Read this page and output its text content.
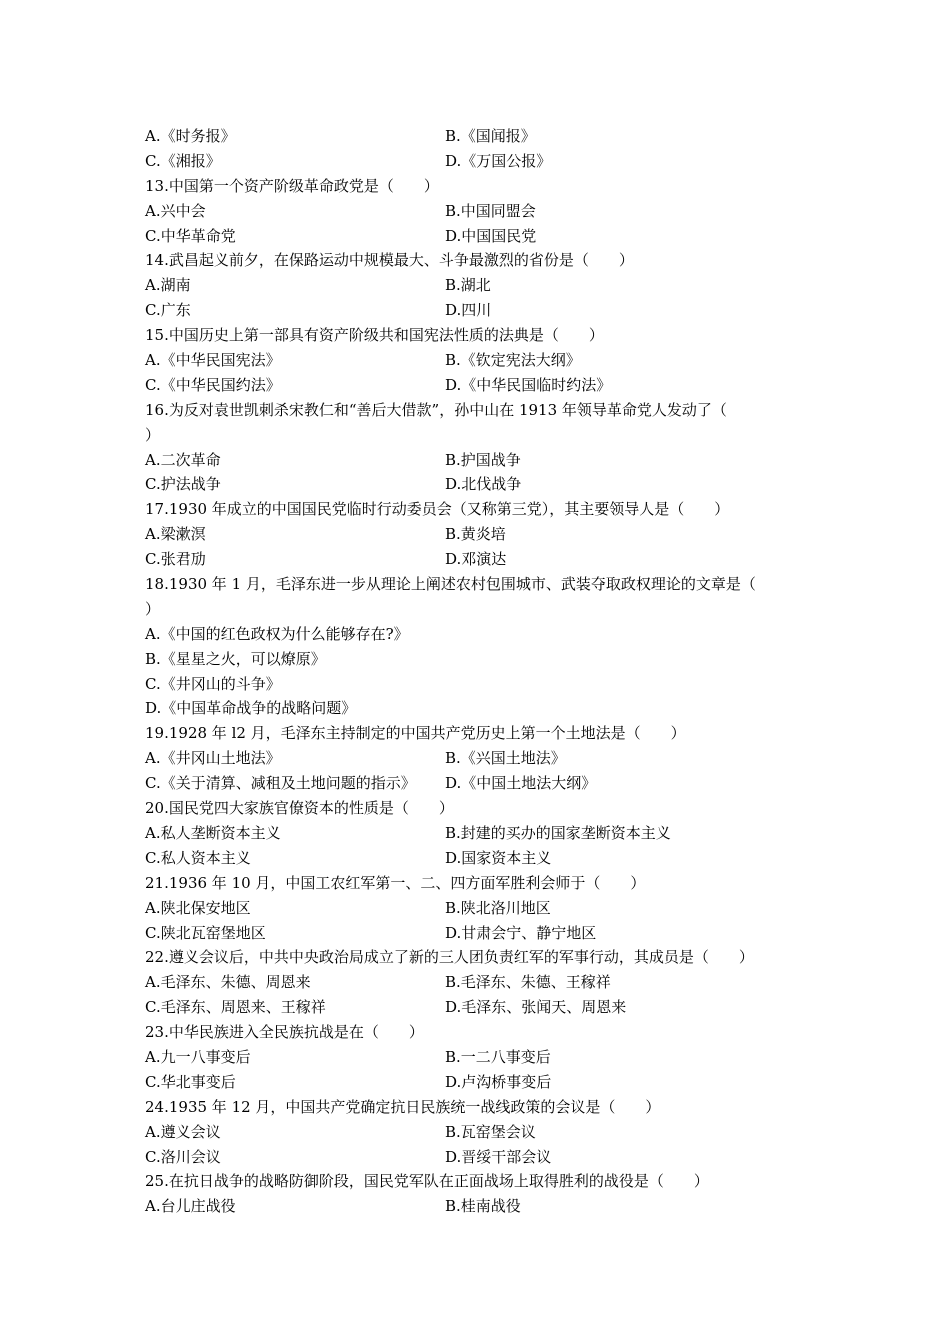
A.《时务报》	B.《国闻报》
C.《湘报》	D.《万国公报》
13.中国第一个资产阶级革命政党是（　　）
A.兴中会	B.中国同盟会
C.中华革命党	D.中国国民党
14.武昌起义前夕，在保路运动中规模最大、斗争最激烈的省份是（　　）
A.湖南	B.湖北
C.广东	D.四川
15.中国历史上第一部具有资产阶级共和国宪法性质的法典是（　　）
A.《中华民国宪法》	B.《钦定宪法大纲》
C.《中华民国约法》	D.《中华民国临时约法》
16.为反对袁世凯刺杀宋教仁和“善后大借款”，孙中山在 1913 年领导革命党人发动了（
）
A.二次革命	B.护国战争
C.护法战争	D.北伐战争
17.1930 年成立的中国国民党临时行动委员会（又称第三党），其主要领导人是（　　）
A.梁漱溟	B.黄炎培
C.张君劢	D.邓演达
18.1930 年 1 月，毛泽东进一步从理论上阐述农村包围城市、武装夺取政权理论的文章是（
）
A.《中国的红色政权为什么能够存在?》
B.《星星之火，可以燎原》
C.《井冈山的斗争》
D.《中国革命战争的战略问题》
19.1928 年 l2 月，毛泽东主持制定的中国共产党历史上第一个土地法是（　　）
A.《井冈山土地法》	B.《兴国土地法》
C.《关于清算、减租及土地问题的指示》 D.《中国土地法大纲》
20.国民党四大家族官僚资本的性质是（　　）
A.私人垄断资本主义	B.封建的买办的国家垄断资本主义
C.私人资本主义	D.国家资本主义
21.1936 年 10 月，中国工农红军第一、二、四方面军胜利会师于（　　）
A.陕北保安地区	B.陕北洛川地区
C.陕北瓦窑堡地区	D.甘肃会宁、静宁地区
22.遵义会议后，中共中央政治局成立了新的三人团负责红军的军事行动，其成员是（　　）
A.毛泽东、朱德、周恩来	B.毛泽东、朱德、王稼祥
C.毛泽东、周恩来、王稼祥	D.毛泽东、张闻天、周恩来
23.中华民族进入全民族抗战是在（　　）
A.九一八事变后	B.一二八事变后
C.华北事变后	D.卢沟桥事变后
24.1935 年 12 月，中国共产党确定抗日民族统一战线政策的会议是（　　）
A.遵义会议	B.瓦窑堡会议
C.洛川会议	D.晋绥干部会议
25.在抗日战争的战略防御阶段，国民党军队在正面战场上取得胜利的战役是（　　）
A.台儿庄战役	B.桂南战役
